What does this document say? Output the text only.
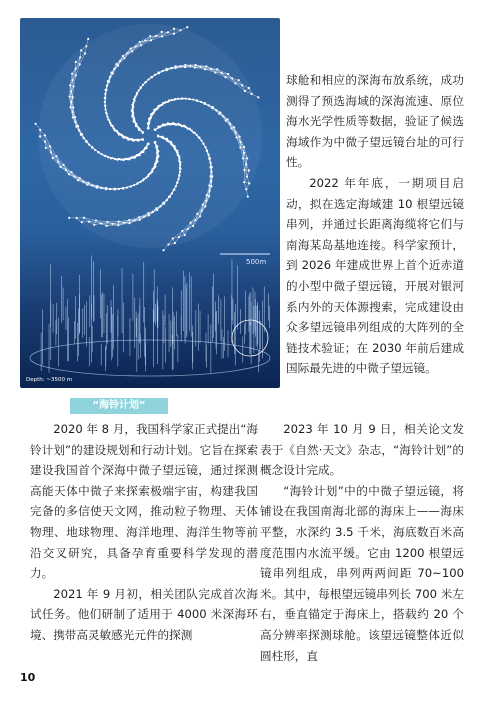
500m
Depth: ~3500 m
“海铃计划”

球舱和相应的深海布放系统，成功测得了预选海域的深海流速、原位海水光学性质等数据，验证了候选海域作为中微子望远镜台址的可行性。

2022 年年底，一期项目启动，拟在选定海域建 10 根望远镜串列，并通过长距离海缆将它们与南海某岛基地连接。科学家预计，到 2026 年建成世界上首个近赤道的小型中微子望远镜，开展对银河系内外的天体源搜索，完成建设由众多望远镜串列组成的大阵列的全链技术验证；在 2030 年前后建成国际最先进的中微子望远镜。

2020 年 8 月，我国科学家正式提出“海铃计划”的建设规划和行动计划。它旨在探索建设我国首个深海中微子望远镜，通过探测高能天体中微子来探索极端宇宙，构建我国完备的多信使天文网，推动粒子物理、天体物理、地球物理、海洋地理、海洋生物等前沿交叉研究，具备孕育重要科学发现的潜力。

2021 年 9 月初，相关团队完成首次海试任务。他们研制了适用于 4000 米深海环境、携带高灵敏感光元件的探测

2023 年 10 月 9 日，相关论文发表于《自然·天文》杂志，“海铃计划”的概念设计完成。

“海铃计划”中的中微子望远镜，将铺设在我国南海北部的海床上——海床平整，水深约 3.5 千米，海底数百米高度范围内水流平缓。它由 1200 根望远镜串列组成，串列两两间距 70~100 米。其中，每根望远镜串列长 700 米左右，垂直锚定于海床上，搭载约 20 个高分辨率探测球舱。该望远镜整体近似圆柱形，直

10
